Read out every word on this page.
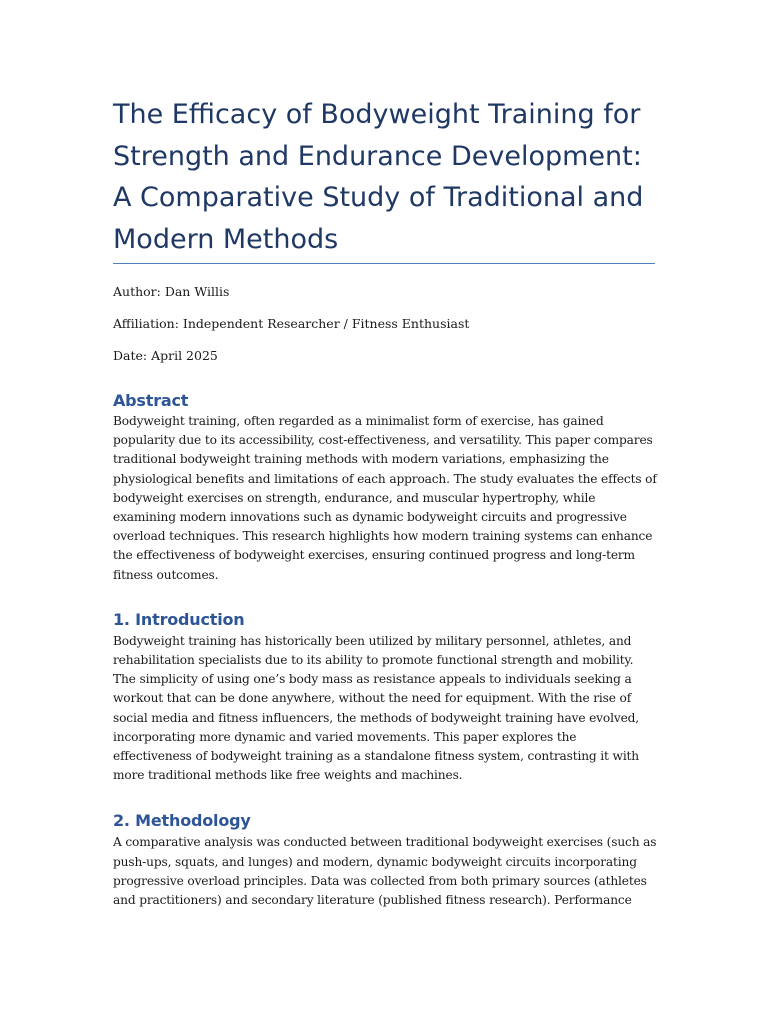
The Efficacy of Bodyweight Training for Strength and Endurance Development: A Comparative Study of Traditional and Modern Methods

Author: Dan Willis

Affiliation: Independent Researcher / Fitness Enthusiast

Date: April 2025

Abstract

Bodyweight training, often regarded as a minimalist form of exercise, has gained popularity due to its accessibility, cost-effectiveness, and versatility. This paper compares traditional bodyweight training methods with modern variations, emphasizing the physiological benefits and limitations of each approach. The study evaluates the effects of bodyweight exercises on strength, endurance, and muscular hypertrophy, while examining modern innovations such as dynamic bodyweight circuits and progressive overload techniques. This research highlights how modern training systems can enhance the effectiveness of bodyweight exercises, ensuring continued progress and long-term fitness outcomes.

1. Introduction

Bodyweight training has historically been utilized by military personnel, athletes, and rehabilitation specialists due to its ability to promote functional strength and mobility. The simplicity of using one’s body mass as resistance appeals to individuals seeking a workout that can be done anywhere, without the need for equipment. With the rise of social media and fitness influencers, the methods of bodyweight training have evolved, incorporating more dynamic and varied movements. This paper explores the effectiveness of bodyweight training as a standalone fitness system, contrasting it with more traditional methods like free weights and machines.

2. Methodology

A comparative analysis was conducted between traditional bodyweight exercises (such as push-ups, squats, and lunges) and modern, dynamic bodyweight circuits incorporating progressive overload principles. Data was collected from both primary sources (athletes and practitioners) and secondary literature (published fitness research). Performance
